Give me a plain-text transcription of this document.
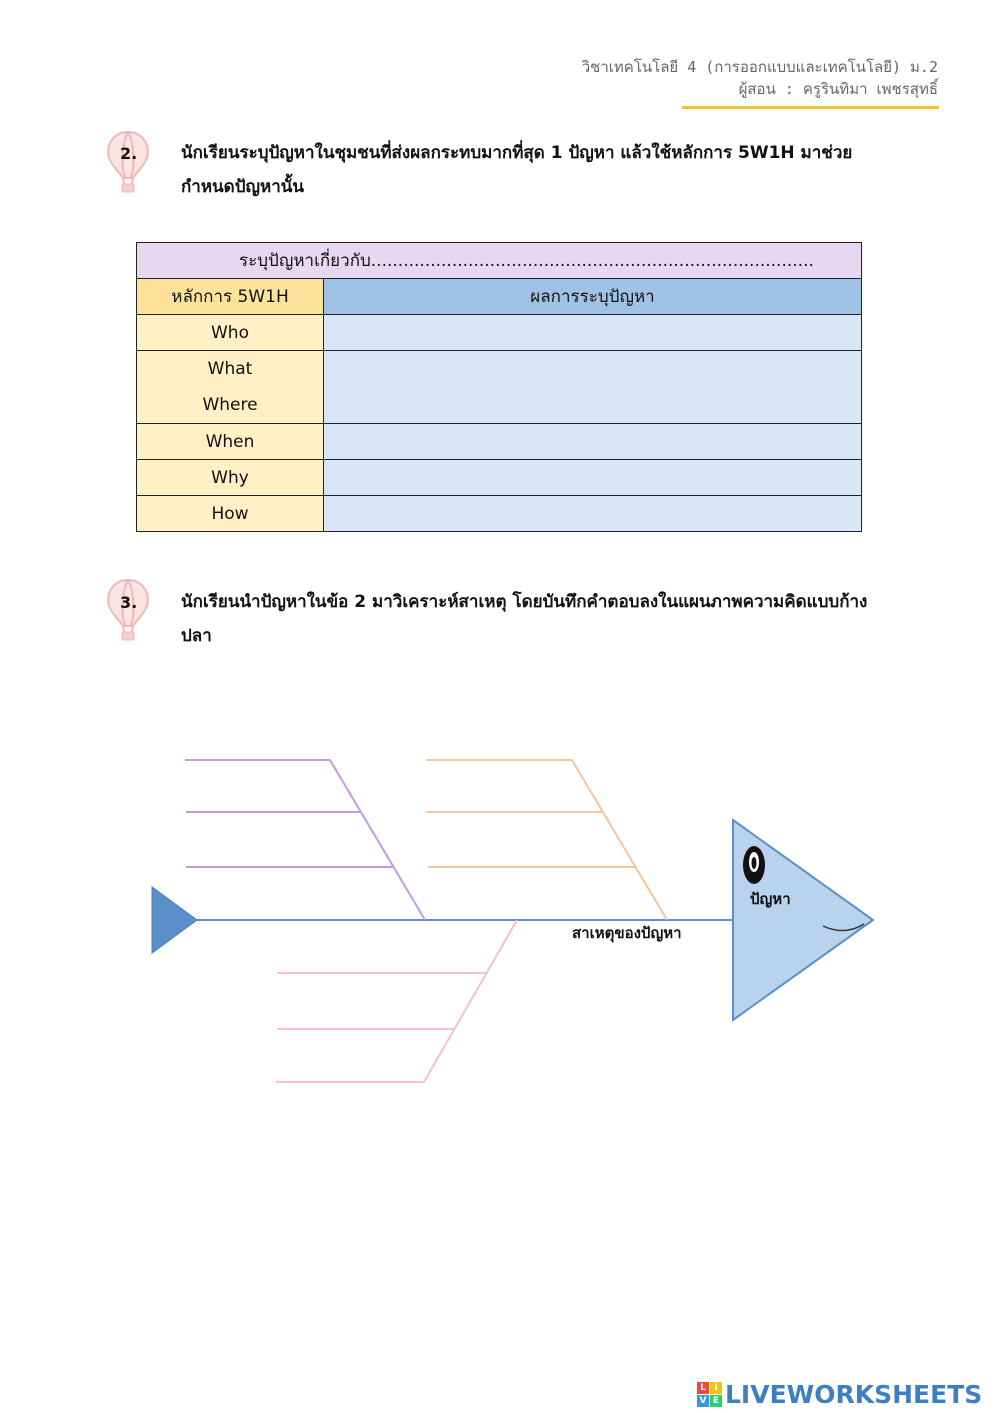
วิชาเทคโนโลยี 4 (การออกแบบและเทคโนโลยี) ม.2
ผู้สอน : ครูรินทิมา เพชรสุทธิ์
2.	นักเรียนระบุปัญหาในชุมชนที่ส่งผลกระทบมากที่สุด 1 ปัญหา แล้วใช้หลักการ 5W1H มาช่วยกำหนดปัญหานั้น
ระบุปัญหาเกี่ยวกับ..................................................................................	
หลักการ 5W1H	ผลการระบุปัญหา
Who	

What
Where	

When	
Why	
How	
3.	นักเรียนนำปัญหาในข้อ 2 มาวิเคราะห์สาเหตุ โดยบันทึกคำตอบลงในแผนภาพความคิดแบบก้างปลา
ปัญหา
สาเหตุของปัญหา
L I
V E LIVEWORKSHEETS
